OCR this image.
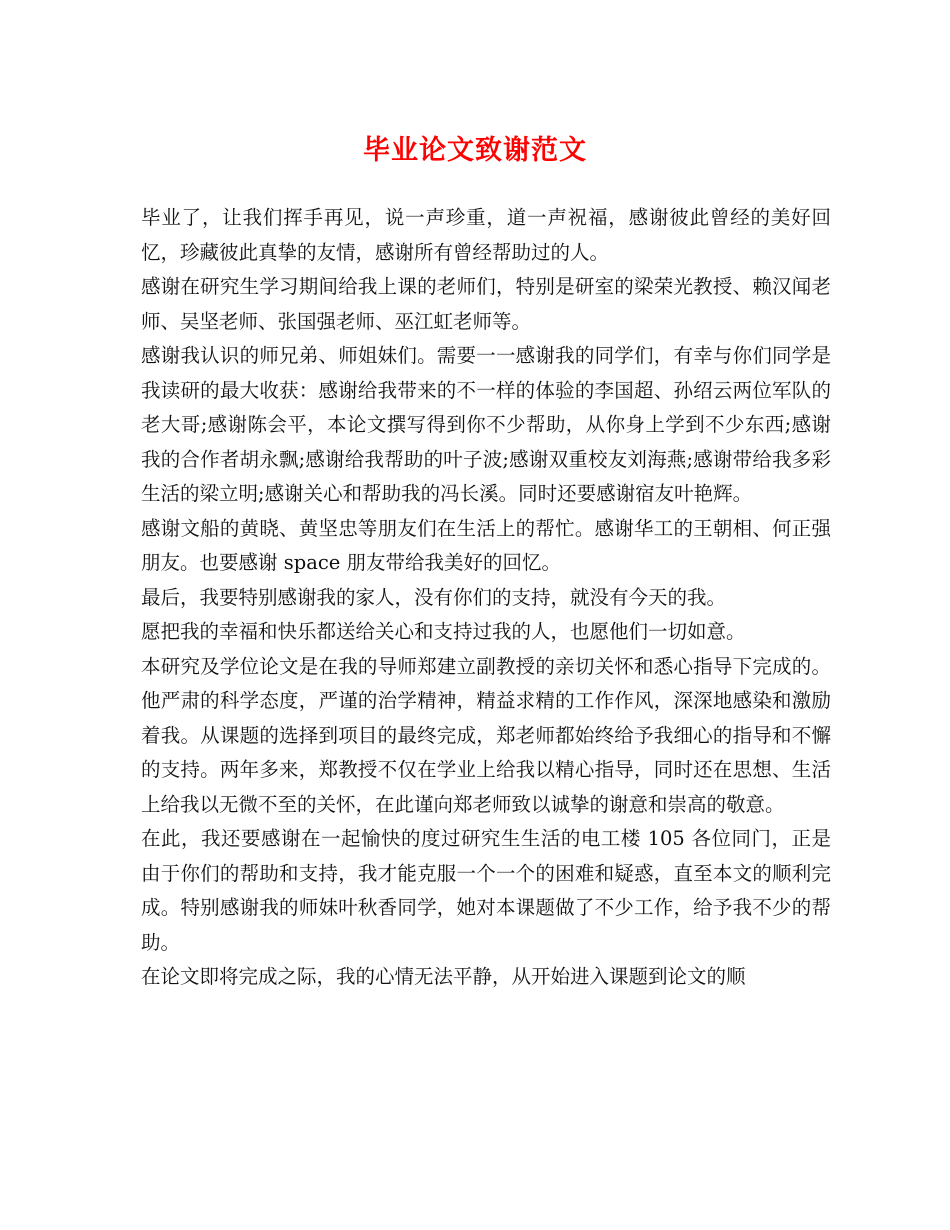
毕业论文致谢范文

毕业了，让我们挥手再见，说一声珍重，道一声祝福，感谢彼此曾经的美好回忆，珍藏彼此真挚的友情，感谢所有曾经帮助过的人。

感谢在研究生学习期间给我上课的老师们，特别是研室的梁荣光教授、赖汉闻老师、吴坚老师、张国强老师、巫江虹老师等。

感谢我认识的师兄弟、师姐妹们。需要一一感谢我的同学们，有幸与你们同学是我读研的最大收获：感谢给我带来的不一样的体验的李国超、孙绍云两位军队的老大哥;感谢陈会平，本论文撰写得到你不少帮助，从你身上学到不少东西;感谢我的合作者胡永飘;感谢给我帮助的叶子波;感谢双重校友刘海燕;感谢带给我多彩生活的梁立明;感谢关心和帮助我的冯长溪。同时还要感谢宿友叶艳辉。

感谢文船的黄晓、黄坚忠等朋友们在生活上的帮忙。感谢华工的王朝相、何正强朋友。也要感谢 space 朋友带给我美好的回忆。

最后，我要特别感谢我的家人，没有你们的支持，就没有今天的我。

愿把我的幸福和快乐都送给关心和支持过我的人，也愿他们一切如意。

本研究及学位论文是在我的导师郑建立副教授的亲切关怀和悉心指导下完成的。他严肃的科学态度，严谨的治学精神，精益求精的工作作风，深深地感染和激励着我。从课题的选择到项目的最终完成，郑老师都始终给予我细心的指导和不懈的支持。两年多来，郑教授不仅在学业上给我以精心指导，同时还在思想、生活上给我以无微不至的关怀，在此谨向郑老师致以诚挚的谢意和崇高的敬意。

在此，我还要感谢在一起愉快的度过研究生生活的电工楼 105 各位同门，正是由于你们的帮助和支持，我才能克服一个一个的困难和疑惑，直至本文的顺利完成。特别感谢我的师妹叶秋香同学，她对本课题做了不少工作，给予我不少的帮助。

在论文即将完成之际，我的心情无法平静，从开始进入课题到论文的顺
